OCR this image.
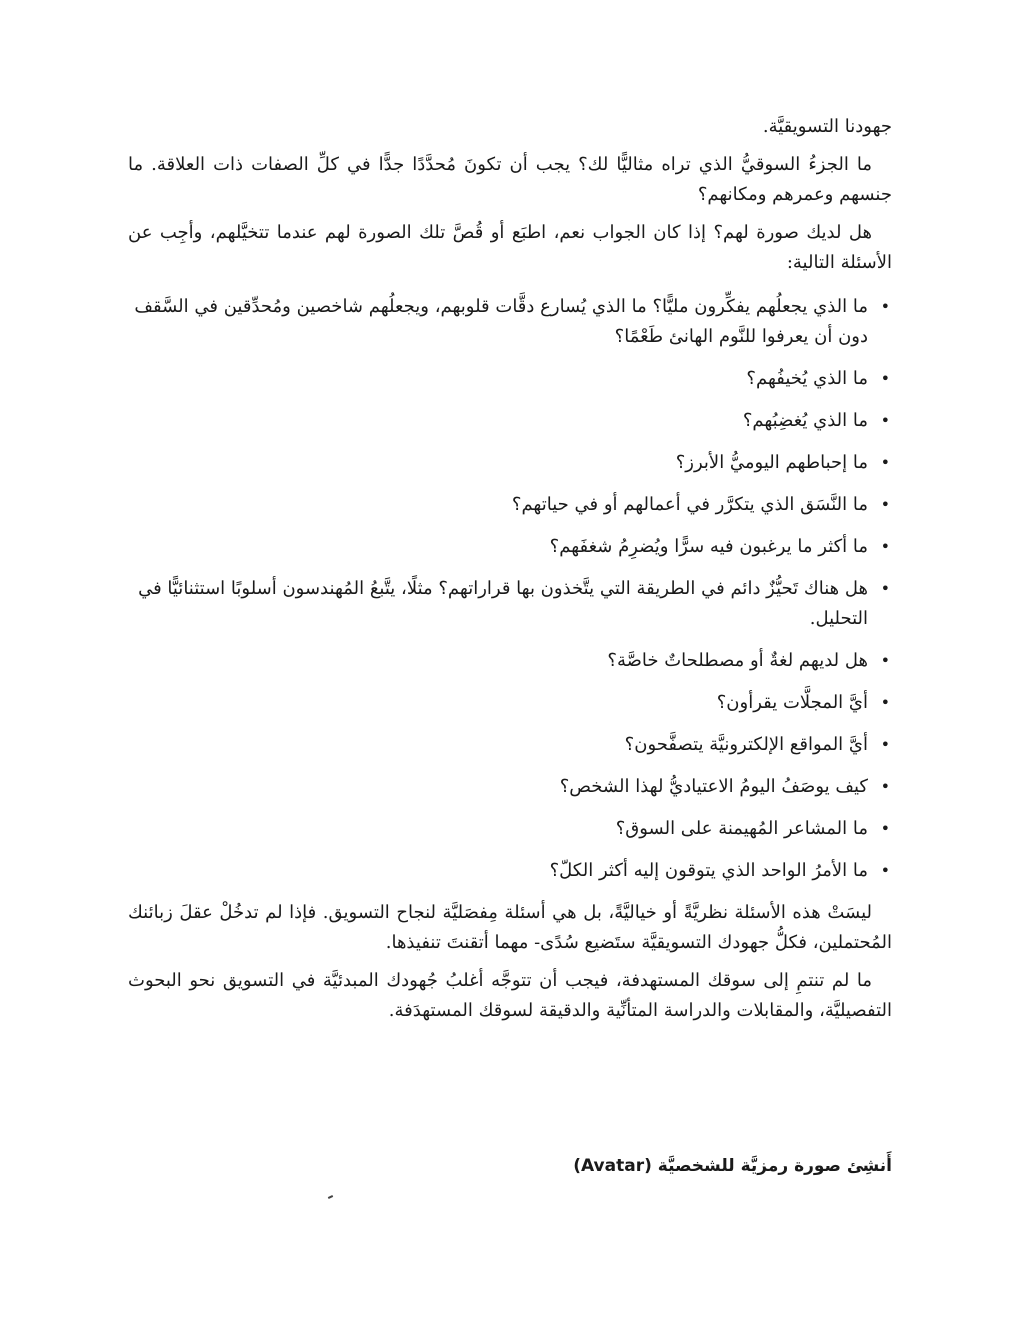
جهودنا التسويقيَّة.

ما الجزءُ السوقيُّ الذي تراه مثاليًّا لك؟ يجب أن تكونَ مُحدَّدًا جدًّا في كلِّ الصفات ذات العلاقة. ما جنسهم وعمرهم ومكانهم؟

هل لديك صورة لهم؟ إذا كان الجواب نعم، اطبَع أو قُصَّ تلك الصورة لهم عندما تتخيَّلهم، وأجِب عن الأسئلة التالية:

• ما الذي يجعلُهم يفكِّرون مليًّا؟ ما الذي يُسارع دقَّات قلوبهم، ويجعلُهم شاخصين ومُحدِّقين في السَّقف دون أن يعرفوا للنَّوم الهانئ طَعْمًا؟
• ما الذي يُخيفُهم؟
• ما الذي يُغضِبُهم؟
• ما إحباطهم اليوميُّ الأبرز؟
• ما النَّسَق الذي يتكرَّر في أعمالهم أو في حياتهم؟
• ما أكثر ما يرغبون فيه سرًّا ويُضرِمُ شغفَهم؟
• هل هناك تَحيُّزٌ دائم في الطريقة التي يتَّخذون بها قراراتهم؟ مثلًا، يتَّبعُ المُهندسون أسلوبًا استثنائيًّا في التحليل.
• هل لديهم لغةٌ أو مصطلحاتٌ خاصَّة؟
• أيَّ المجلَّات يقرأون؟
• أيَّ المواقع الإلكترونيَّة يتصفَّحون؟
• كيف يوصَفُ اليومُ الاعتياديُّ لهذا الشخص؟
• ما المشاعر المُهيمنة على السوق؟
• ما الأمرُ الواحد الذي يتوقون إليه أكثر الكلّ؟

ليسَتْ هذه الأسئلة نظريَّةً أو خياليَّةً، بل هي أسئلة مِفصَليَّة لنجاح التسويق. فإذا لم تدخُلْ عقلَ زبائنك المُحتملين، فكلُّ جهودك التسويقيَّة ستَضيع سُدًى- مهما أتقنتَ تنفيذها.

ما لم تنتمِ إلى سوقك المستهدفة، فيجب أن تتوجَّه أغلبُ جُهودك المبدئيَّة في التسويق نحو البحوث التفصيليَّة، والمقابلات والدراسة المتأنِّية والدقيقة لسوقك المستهدَفة.

أَنشِئ صورة رمزيَّة للشخصيَّة (Avatar)
